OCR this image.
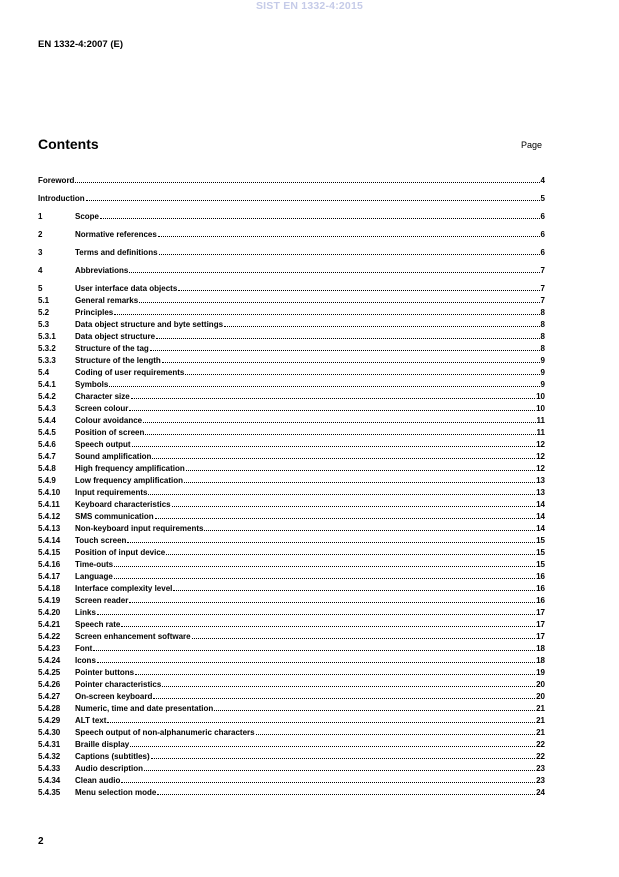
SIST EN 1332-4:2015
EN 1332-4:2007 (E)
Contents	Page
Foreword	4
Introduction	5
1	Scope	6
2	Normative references	6
3	Terms and definitions	6
4	Abbreviations	7
5	User interface data objects	7
5.1	General remarks	7
5.2	Principles	8
5.3	Data object structure and byte settings	8
5.3.1	Data object structure	8
5.3.2	Structure of the tag	8
5.3.3	Structure of the length	9
5.4	Coding of user requirements	9
5.4.1	Symbols	9
5.4.2	Character size	10
5.4.3	Screen colour	10
5.4.4	Colour avoidance	11
5.4.5	Position of screen	11
5.4.6	Speech output	12
5.4.7	Sound amplification	12
5.4.8	High frequency amplification	12
5.4.9	Low frequency amplification	13
5.4.10	Input requirements	13
5.4.11	Keyboard characteristics	14
5.4.12	SMS communication	14
5.4.13	Non-keyboard input requirements	14
5.4.14	Touch screen	15
5.4.15	Position of input device	15
5.4.16	Time-outs	15
5.4.17	Language	16
5.4.18	Interface complexity level	16
5.4.19	Screen reader	16
5.4.20	Links	17
5.4.21	Speech rate	17
5.4.22	Screen enhancement software	17
5.4.23	Font	18
5.4.24	Icons	18
5.4.25	Pointer buttons	19
5.4.26	Pointer characteristics	20
5.4.27	On-screen keyboard	20
5.4.28	Numeric, time and date presentation	21
5.4.29	ALT text	21
5.4.30	Speech output of non-alphanumeric characters	21
5.4.31	Braille display	22
5.4.32	Captions (subtitles)	22
5.4.33	Audio description	23
5.4.34	Clean audio	23
5.4.35	Menu selection mode	24
2
